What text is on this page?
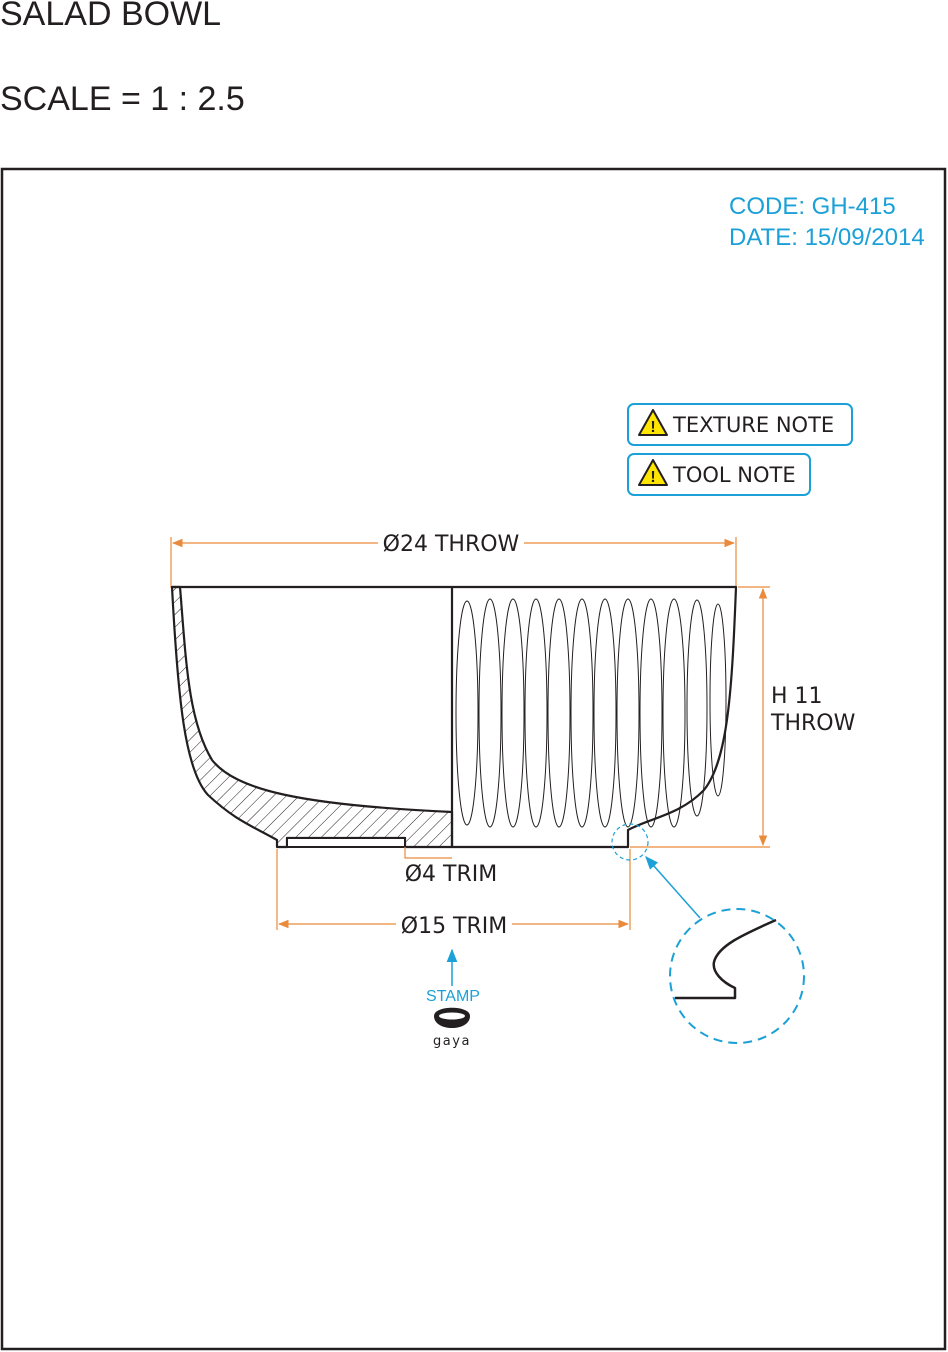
SALAD BOWL
SCALE = 1 : 2.5
CODE: GH-415
DATE: 15/09/2014
! TEXTURE NOTE
! TOOL NOTE
Ø24 THROW
H 11
THROW
Ø4 TRIM
Ø15 TRIM
STAMP
gaya
